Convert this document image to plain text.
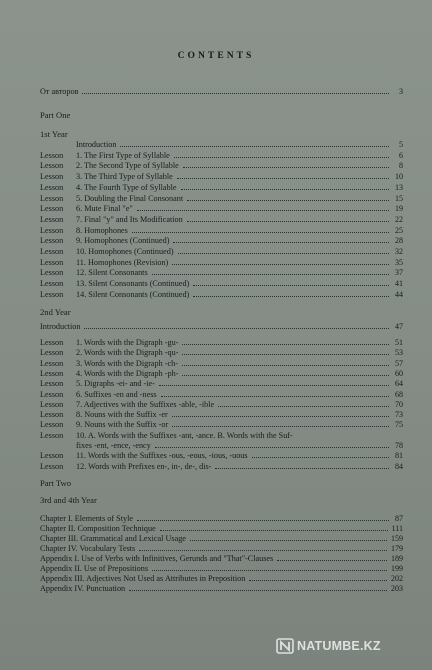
CONTENTS
От авторов	3
Part One
1st Year
Introduction	5
Lesson	1. The First Type of Syllable	6
Lesson	2. The Second Type of Syllable	8
Lesson	3. The Third Type of Syllable	10
Lesson	4. The Fourth Type of Syllable	13
Lesson	5. Doubling the Final Consonant	15
Lesson	6. Mute Final "e"	19
Lesson	7. Final "y" and Its Modification	22
Lesson	8. Homophones	25
Lesson	9. Homophones (Continued)	28
Lesson	10. Homophones (Continued)	32
Lesson	11. Homophones (Revision)	35
Lesson	12. Silent Consonants	37
Lesson	13. Silent Consonants (Continued)	41
Lesson	14. Silent Consonants (Continued)	44
2nd Year
Introduction	47
Lesson	1. Words with the Digraph -gu-	51
Lesson	2. Words with the Digraph -qu-	53
Lesson	3. Words with the Digraph -ch-	57
Lesson	4. Words with the Digraph -ph-	60
Lesson	5. Digraphs -ei- and -ie-	64
Lesson	6. Suffixes -en and -ness	68
Lesson	7. Adjectives with the Suffixes -able, -ible	70
Lesson	8. Nouns with the Suffix -er	73
Lesson	9. Nouns with the Suffix -or	75
Lesson	10. A. Words with the Suffixes -ant, -ance. B. Words with the Suf-
fixes -ent, -ence, -ency	78
Lesson	11. Words with the Suffixes -ous, -eous, -ious, -uous	81
Lesson	12. Words with Prefixes en-, in-, de-, dis-	84
Part Two
3rd and 4th Year
Chapter I. Elements of Style	87
Chapter II. Composition Technique	111
Chapter III. Grammatical and Lexical Usage	159
Chapter IV. Vocabulary Tests	179
Appendix I. Use of Verbs with Infinitives, Gerunds and "That"-Clauses	189
Appendix II. Use of Prepositions	199
Appendix III. Adjectives Not Used as Attributes in Preposition	202
Appendix IV. Punctuation	203
NATUMBE.KZ
